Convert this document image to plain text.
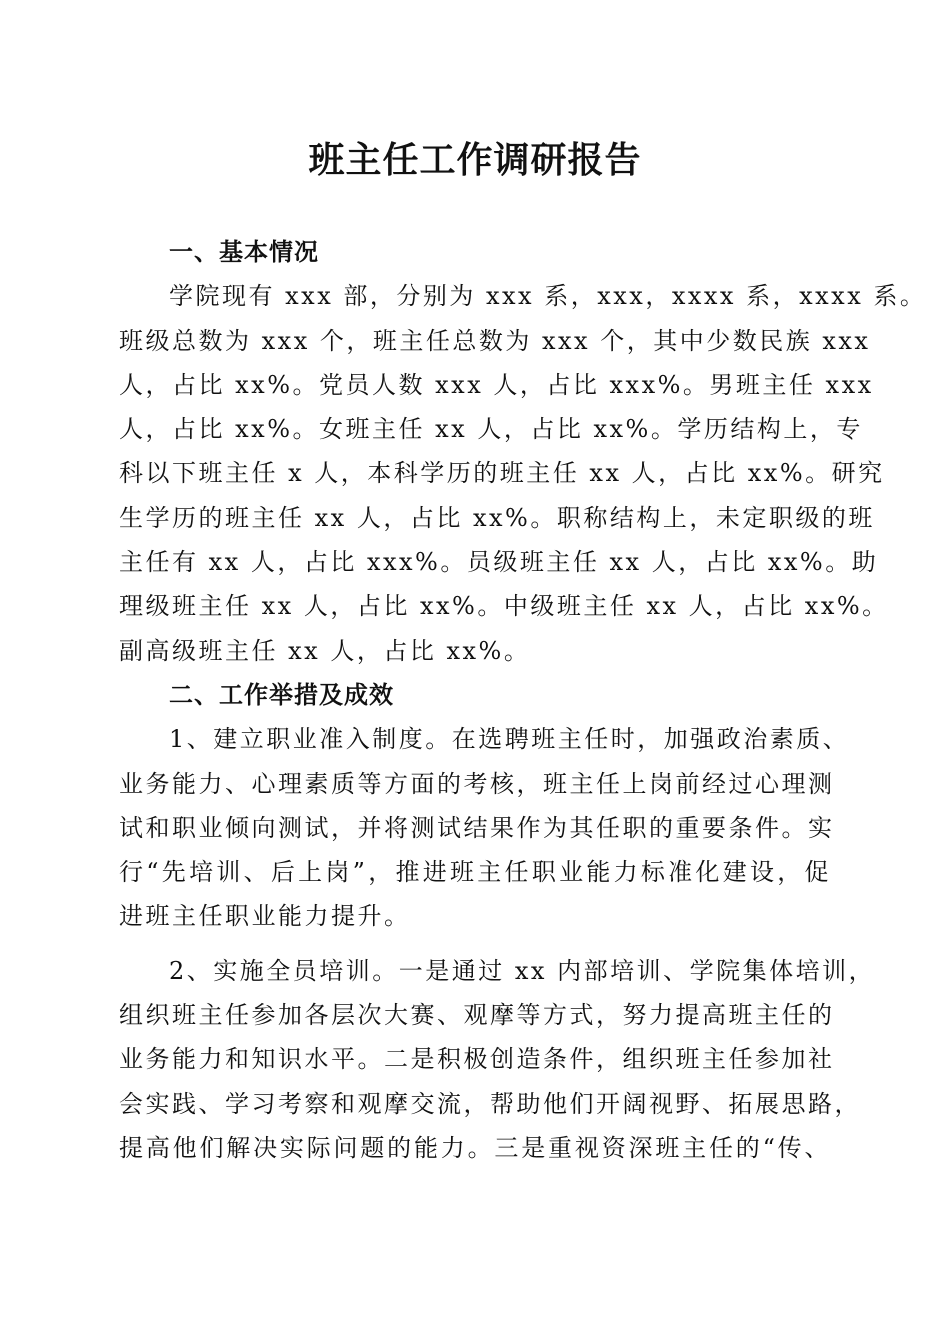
班主任工作调研报告
一、基本情况

学院现有 xxx 部，分别为 xxx 系，xxx，xxxx 系，xxxx 系。
班级总数为 xxx 个，班主任总数为 xxx 个，其中少数民族 xxx
人，占比 xx%。党员人数 xxx 人，占比 xxx%。男班主任 xxx
人，占比 xx%。女班主任 xx 人，占比 xx%。学历结构上，专
科以下班主任 x 人，本科学历的班主任 xx 人，占比 xx%。研究
生学历的班主任 xx 人，占比 xx%。职称结构上，未定职级的班
主任有 xx 人，占比 xxx%。员级班主任 xx 人，占比 xx%。助
理级班主任 xx 人，占比 xx%。中级班主任 xx 人，占比 xx%。
副高级班主任 xx 人，占比 xx%。

二、工作举措及成效

1、建立职业准入制度。在选聘班主任时，加强政治素质、
业务能力、心理素质等方面的考核，班主任上岗前经过心理测
试和职业倾向测试，并将测试结果作为其任职的重要条件。实
行“先培训、后上岗”，推进班主任职业能力标准化建设，促
进班主任职业能力提升。

2、实施全员培训。一是通过 xx 内部培训、学院集体培训，
组织班主任参加各层次大赛、观摩等方式，努力提高班主任的
业务能力和知识水平。二是积极创造条件，组织班主任参加社
会实践、学习考察和观摩交流，帮助他们开阔视野、拓展思路，
提高他们解决实际问题的能力。三是重视资深班主任的“传、
